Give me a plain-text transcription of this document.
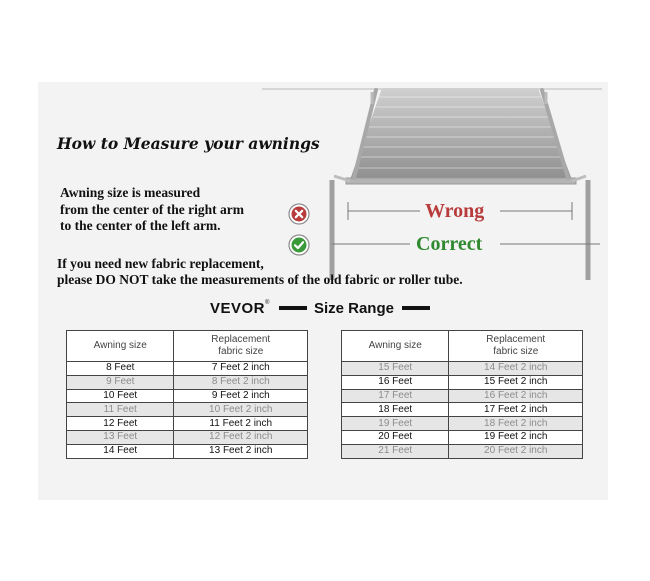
Wrong
Correct
How to Measure your awnings
Awning size is measured
from the center of the right arm
to the center of the left arm.
If you need new fabric replacement,
please DO NOT take the measurements of the old fabric or roller tube.
VEVOR®	Size Range
Awning size	Replacement
fabric size
8 Feet	7 Feet 2 inch
9 Feet	8 Feet 2 inch
10 Feet	9 Feet 2 inch
11 Feet	10 Feet 2 inch
12 Feet	11 Feet 2 inch
13 Feet	12 Feet 2 inch
14 Feet	13 Feet 2 inch
Awning size	Replacement
fabric size
15 Feet	14 Feet 2 inch
16 Feet	15 Feet 2 inch
17 Feet	16 Feet 2 inch
18 Feet	17 Feet 2 inch
19 Feet	18 Feet 2 inch
20 Feet	19 Feet 2 inch
21 Feet	20 Feet 2 inch
